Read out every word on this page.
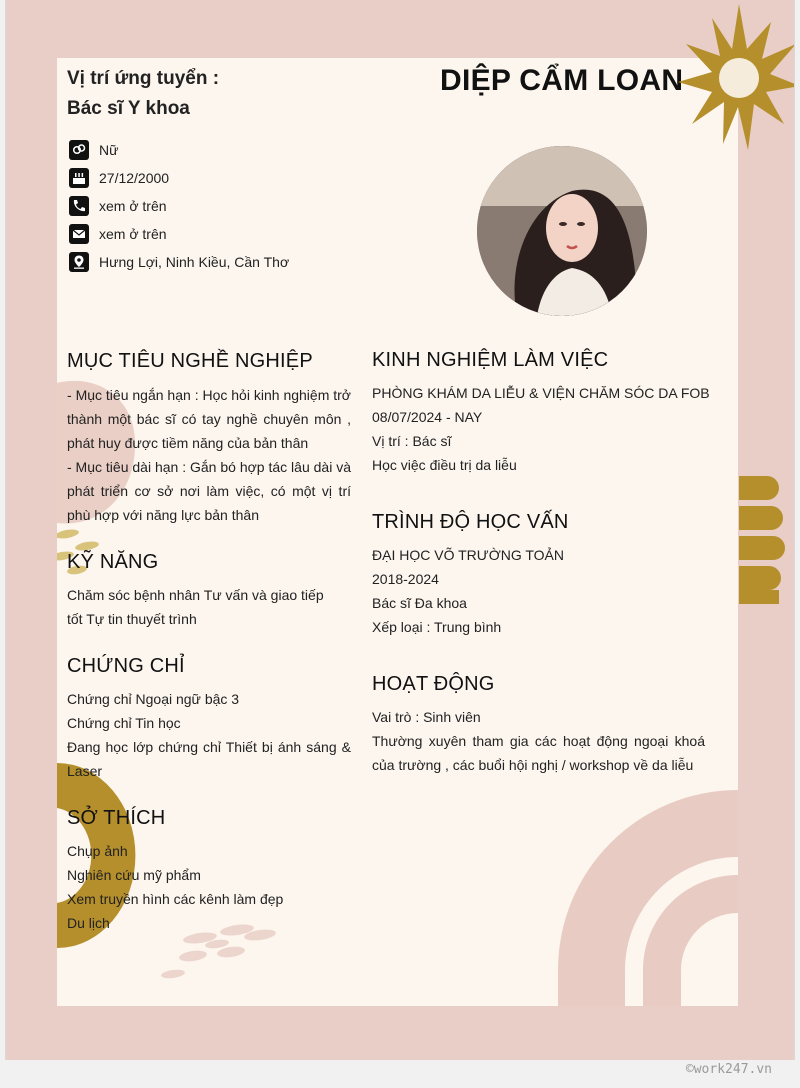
Vị trí ứng tuyển :
Bác sĩ Y khoa
DIỆP CẨM LOAN
Nữ
27/12/2000
xem ở trên
xem ở trên
Hưng Lợi, Ninh Kiều, Cần Thơ
MỤC TIÊU NGHỀ NGHIỆP
- Mục tiêu ngắn hạn : Học hỏi kinh nghiệm trở thành một bác sĩ có tay nghề chuyên môn , phát huy được tiềm năng của bản thân
- Mục tiêu dài hạn : Gắn bó hợp tác lâu dài và phát triển cơ sở nơi làm việc, có một vị trí phù hợp với năng lực bản thân
KỸ NĂNG
Chăm sóc bệnh nhân Tư vấn và giao tiếp
tốt Tự tin thuyết trình
CHỨNG CHỈ
Chứng chỉ Ngoại ngữ bậc 3
Chứng chỉ Tin học
Đang học lớp chứng chỉ Thiết bị ánh sáng & Laser
SỞ THÍCH
Chụp ảnh
Nghiên cứu mỹ phẩm
Xem truyền hình các kênh làm đẹp
Du lịch
KINH NGHIỆM LÀM VIỆC
PHÒNG KHÁM DA LIỄU & VIỆN CHĂM SÓC DA FOB
08/07/2024 - NAY
Vị trí : Bác sĩ
Học việc điều trị da liễu
TRÌNH ĐỘ HỌC VẤN
ĐẠI HỌC VÕ TRƯỜNG TOẢN
2018-2024
Bác sĩ Đa khoa
Xếp loại : Trung bình
HOẠT ĐỘNG
Vai trò : Sinh viên
Thường xuyên tham gia các hoạt động ngoại khoá của trường , các buổi hội nghị / workshop về da liễu
©work247.vn
